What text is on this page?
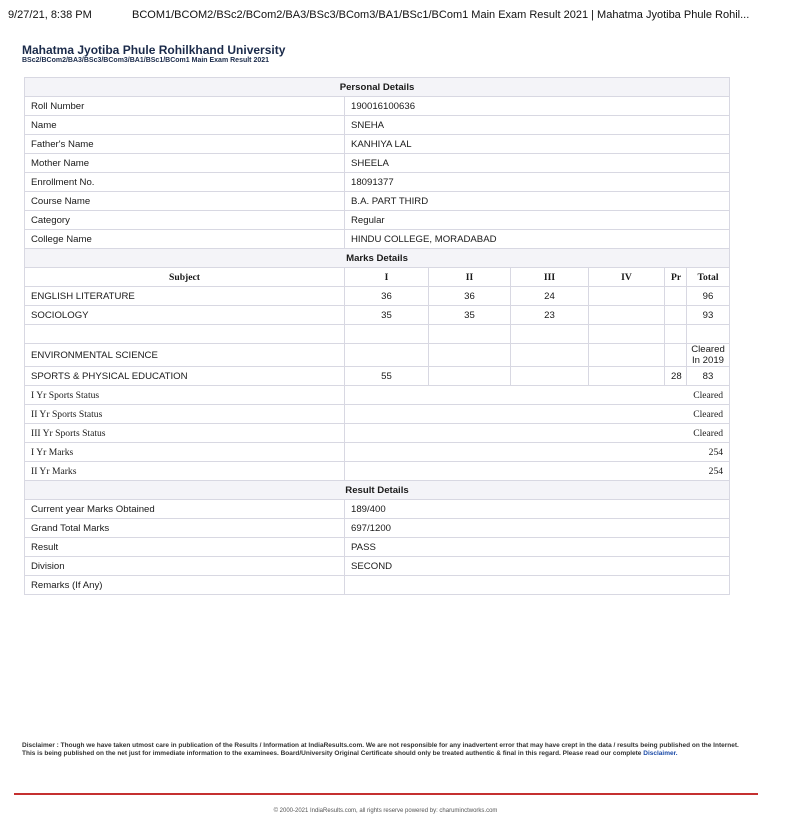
9/27/21, 8:38 PM	BCOM1/BCOM2/BSc2/BCom2/BA3/BSc3/BCom3/BA1/BSc1/BCom1 Main Exam Result 2021 | Mahatma Jyotiba Phule Rohil...
Mahatma Jyotiba Phule Rohilkhand University
BSc2/BCom2/BA3/BSc3/BCom3/BA1/BSc1/BCom1 Main Exam Result 2021
Personal Details						
Roll Number	190016100636					
Name	SNEHA					
Father's Name	KANHIYA LAL					
Mother Name	SHEELA					
Enrollment No.	18091377					
Course Name	B.A. PART THIRD					
Category	Regular					
College Name	HINDU COLLEGE, MORADABAD					
Marks Details						
Subject	I	II	III	IV	Pr	Total
ENGLISH LITERATURE	36	36	24			96
SOCIOLOGY	35	35	23			93

ENVIRONMENTAL SCIENCE						Cleared In 2019
SPORTS & PHYSICAL EDUCATION	55				28	83
I Yr Sports Status	Cleared					
II Yr Sports Status	Cleared					
III Yr Sports Status	Cleared					
I Yr Marks	254					
II Yr Marks	254					
Result Details						
Current year Marks Obtained	189/400					
Grand Total Marks	697/1200					
Result	PASS					
Division	SECOND					
Remarks (If Any)						
Disclaimer : Though we have taken utmost care in publication of the Results / Information at IndiaResults.com. We are not responsible for any inadvertent error that may have crept in the data / results being published on the Internet. This is being published on the net just for immediate information to the examinees. Board/University Original Certificate should only be treated authentic & final in this regard. Please read our complete Disclaimer.
© 2000-2021 IndiaResults.com, all rights reserve powered by: charuminctworks.com
